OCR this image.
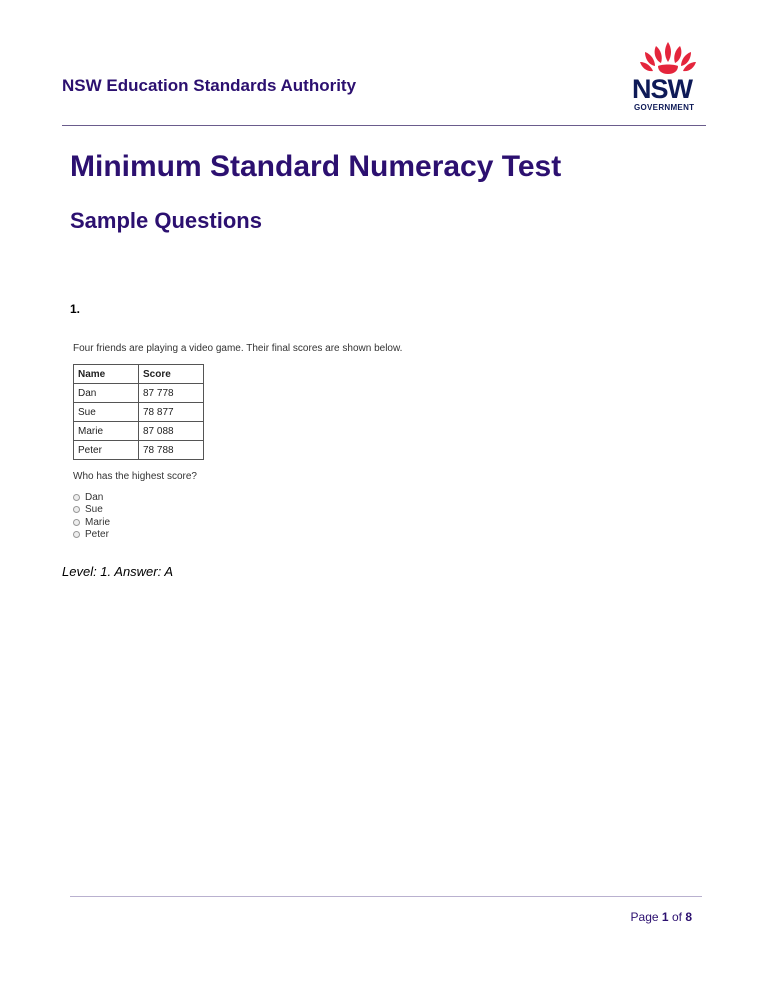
NSW Education Standards Authority	NSW
GOVERNMENT
Minimum Standard Numeracy Test
Sample Questions
1.
Four friends are playing a video game. Their final scores are shown below.
Name	Score
Dan	87 778
Sue	78 877
Marie	87 088
Peter	78 788
Who has the highest score?
Dan
Sue
Marie
Peter
Level: 1. Answer: A
Page 1 of 8
